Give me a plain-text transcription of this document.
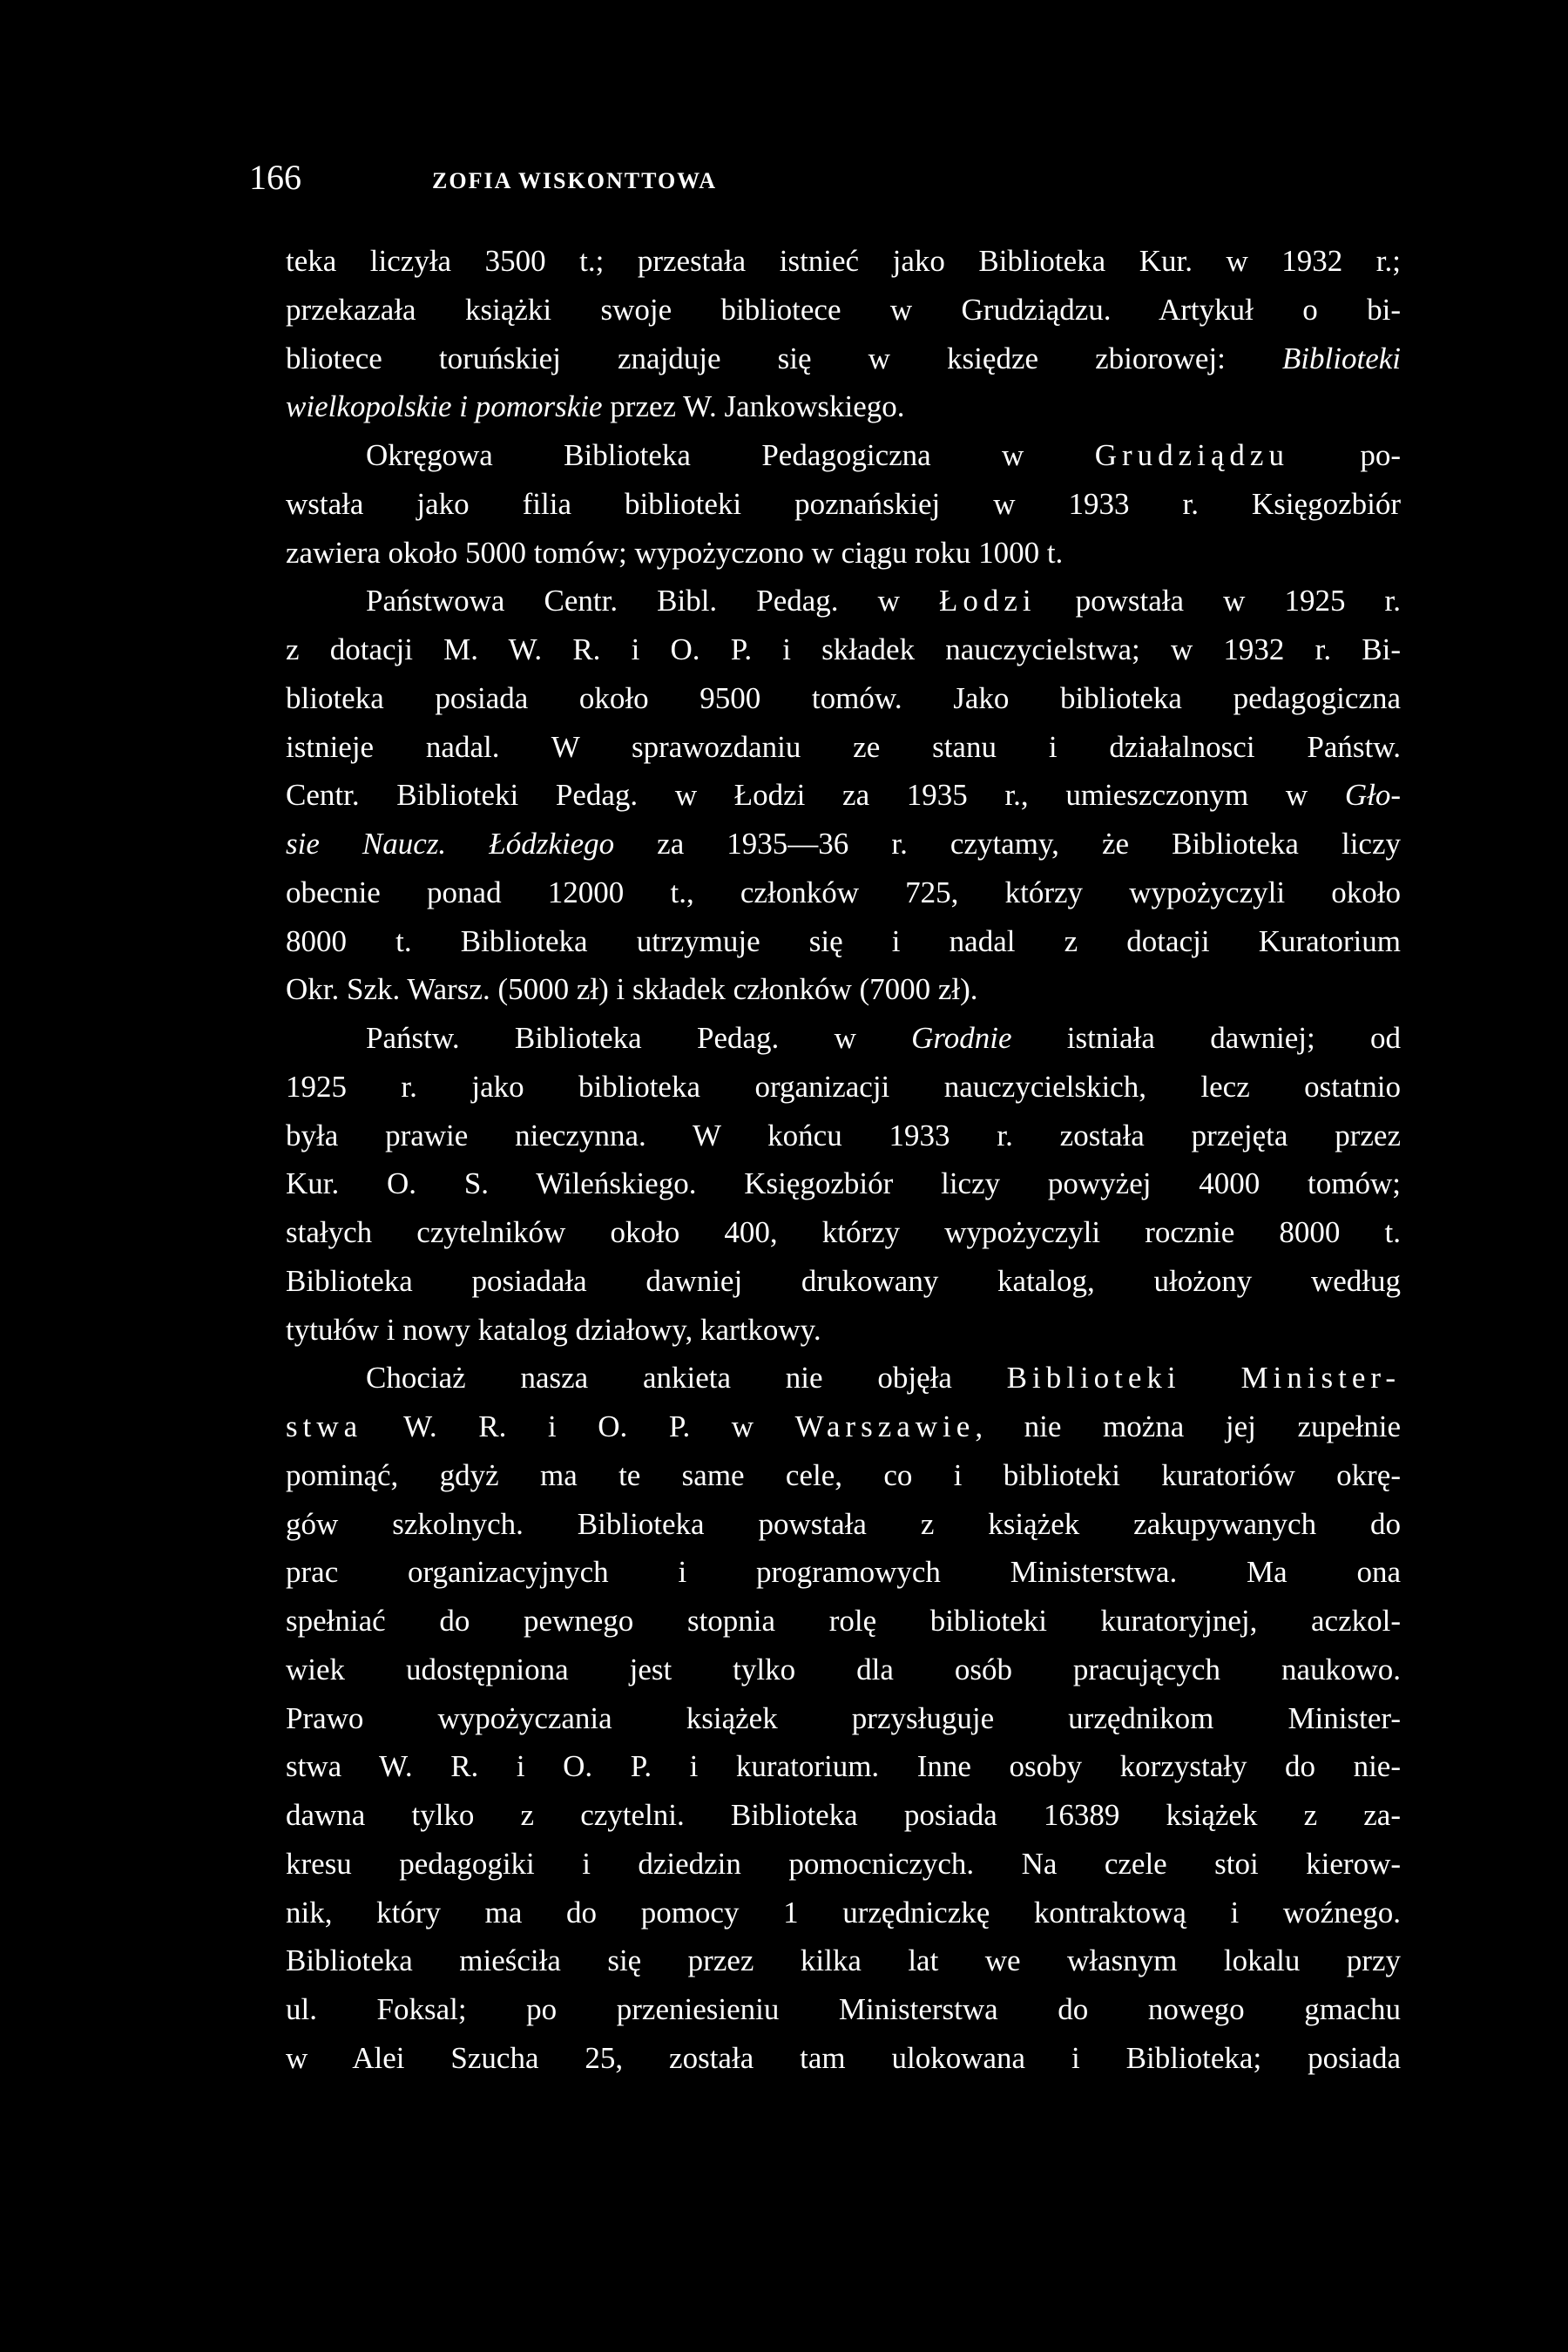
166	ZOFIA WISKONTTOWA
teka liczyła 3500 t.; przestała istnieć jako Biblioteka Kur. w 1932 r.;
przekazała książki swoje bibliotece w Grudziądzu. Artykuł o bi-
bliotece toruńskiej znajduje się w księdze zbiorowej: Biblioteki
wielkopolskie i pomorskie przez W. Jankowskiego.
Okręgowa Biblioteka Pedagogiczna w Grudziądzu po-
wstała jako filia biblioteki poznańskiej w 1933 r. Księgozbiór
zawiera około 5000 tomów; wypożyczono w ciągu roku 1000 t.
Państwowa Centr. Bibl. Pedag. w Łodzi powstała w 1925 r.
z dotacji M. W. R. i O. P. i składek nauczycielstwa; w 1932 r. Bi-
blioteka posiada około 9500 tomów. Jako biblioteka pedagogiczna
istnieje nadal. W sprawozdaniu ze stanu i działalnosci Państw.
Centr. Biblioteki Pedag. w Łodzi za 1935 r., umieszczonym w Gło-
sie Naucz. Łódzkiego za 1935—36 r. czytamy, że Biblioteka liczy
obecnie ponad 12000 t., członków 725, którzy wypożyczyli około
8000 t. Biblioteka utrzymuje się i nadal z dotacji Kuratorium
Okr. Szk. Warsz. (5000 zł) i składek członków (7000 zł).
Państw. Biblioteka Pedag. w Grodnie istniała dawniej; od
1925 r. jako biblioteka organizacji nauczycielskich, lecz ostatnio
była prawie nieczynna. W końcu 1933 r. została przejęta przez
Kur. O. S. Wileńskiego. Księgozbiór liczy powyżej 4000 tomów;
stałych czytelników około 400, którzy wypożyczyli rocznie 8000 t.
Biblioteka posiadała dawniej drukowany katalog, ułożony według
tytułów i nowy katalog działowy, kartkowy.
Chociaż nasza ankieta nie objęła Biblioteki Minister-
stwa W. R. i O. P. w Warszawie, nie można jej zupełnie
pominąć, gdyż ma te same cele, co i biblioteki kuratoriów okrę-
gów szkolnych. Biblioteka powstała z książek zakupywanych do
prac organizacyjnych i programowych Ministerstwa. Ma ona
spełniać do pewnego stopnia rolę biblioteki kuratoryjnej, aczkol-
wiek udostępniona jest tylko dla osób pracujących naukowo.
Prawo wypożyczania książek przysługuje urzędnikom Minister-
stwa W. R. i O. P. i kuratorium. Inne osoby korzystały do nie-
dawna tylko z czytelni. Biblioteka posiada 16389 książek z za-
kresu pedagogiki i dziedzin pomocniczych. Na czele stoi kierow-
nik, który ma do pomocy 1 urzędniczkę kontraktową i woźnego.
Biblioteka mieściła się przez kilka lat we własnym lokalu przy
ul. Foksal; po przeniesieniu Ministerstwa do nowego gmachu
w Alei Szucha 25, została tam ulokowana i Biblioteka; posiada
